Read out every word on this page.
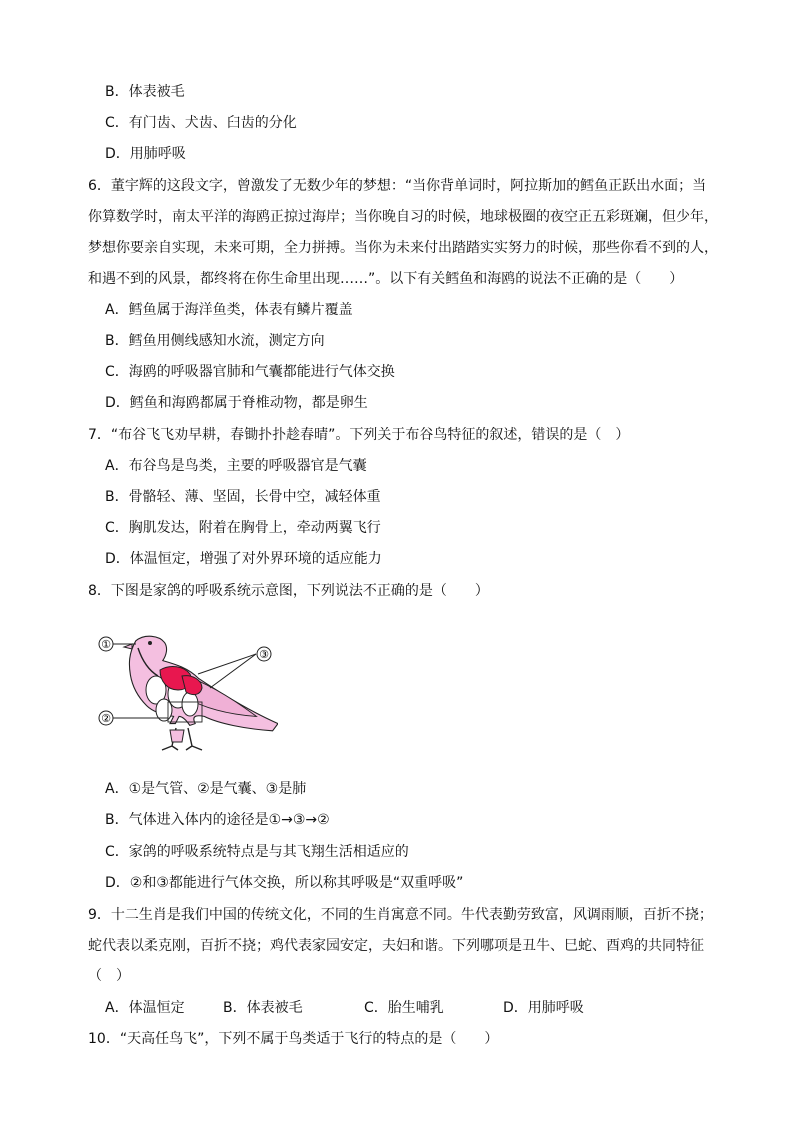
B．体表被毛
C．有门齿、犬齿、臼齿的分化
D．用肺呼吸
6．董宇辉的这段文字，曾激发了无数少年的梦想：“当你背单词时，阿拉斯加的鳕鱼正跃出水面；当
你算数学时，南太平洋的海鸥正掠过海岸；当你晚自习的时候，地球极圈的夜空正五彩斑斓，但少年，
梦想你要亲自实现，未来可期，全力拼搏。当你为未来付出踏踏实实努力的时候，那些你看不到的人，
和遇不到的风景，都终将在你生命里出现……”。以下有关鳕鱼和海鸥的说法不正确的是（　　）
A．鳕鱼属于海洋鱼类，体表有鳞片覆盖
B．鳕鱼用侧线感知水流，测定方向
C．海鸥的呼吸器官肺和气囊都能进行气体交换
D．鳕鱼和海鸥都属于脊椎动物，都是卵生
7．“布谷飞飞劝早耕，春锄扑扑趁春晴”。下列关于布谷鸟特征的叙述，错误的是（　）
A．布谷鸟是鸟类，主要的呼吸器官是气囊
B．骨骼轻、薄、坚固，长骨中空，减轻体重
C．胸肌发达，附着在胸骨上，牵动两翼飞行
D．体温恒定，增强了对外界环境的适应能力
8．下图是家鸽的呼吸系统示意图，下列说法不正确的是（　　）
①
②
③
A．①是气管、②是气囊、③是肺
B．气体进入体内的途径是①→③→②
C．家鸽的呼吸系统特点是与其飞翔生活相适应的
D．②和③都能进行气体交换，所以称其呼吸是“双重呼吸”
9．十二生肖是我们中国的传统文化，不同的生肖寓意不同。牛代表勤劳致富，风调雨顺，百折不挠；
蛇代表以柔克刚，百折不挠；鸡代表家园安定，夫妇和谐。下列哪项是丑牛、巳蛇、酉鸡的共同特征
（　）
A．体温恒定	B．体表被毛	C．胎生哺乳	D．用肺呼吸
10．“天高任鸟飞”，下列不属于鸟类适于飞行的特点的是（　　）
